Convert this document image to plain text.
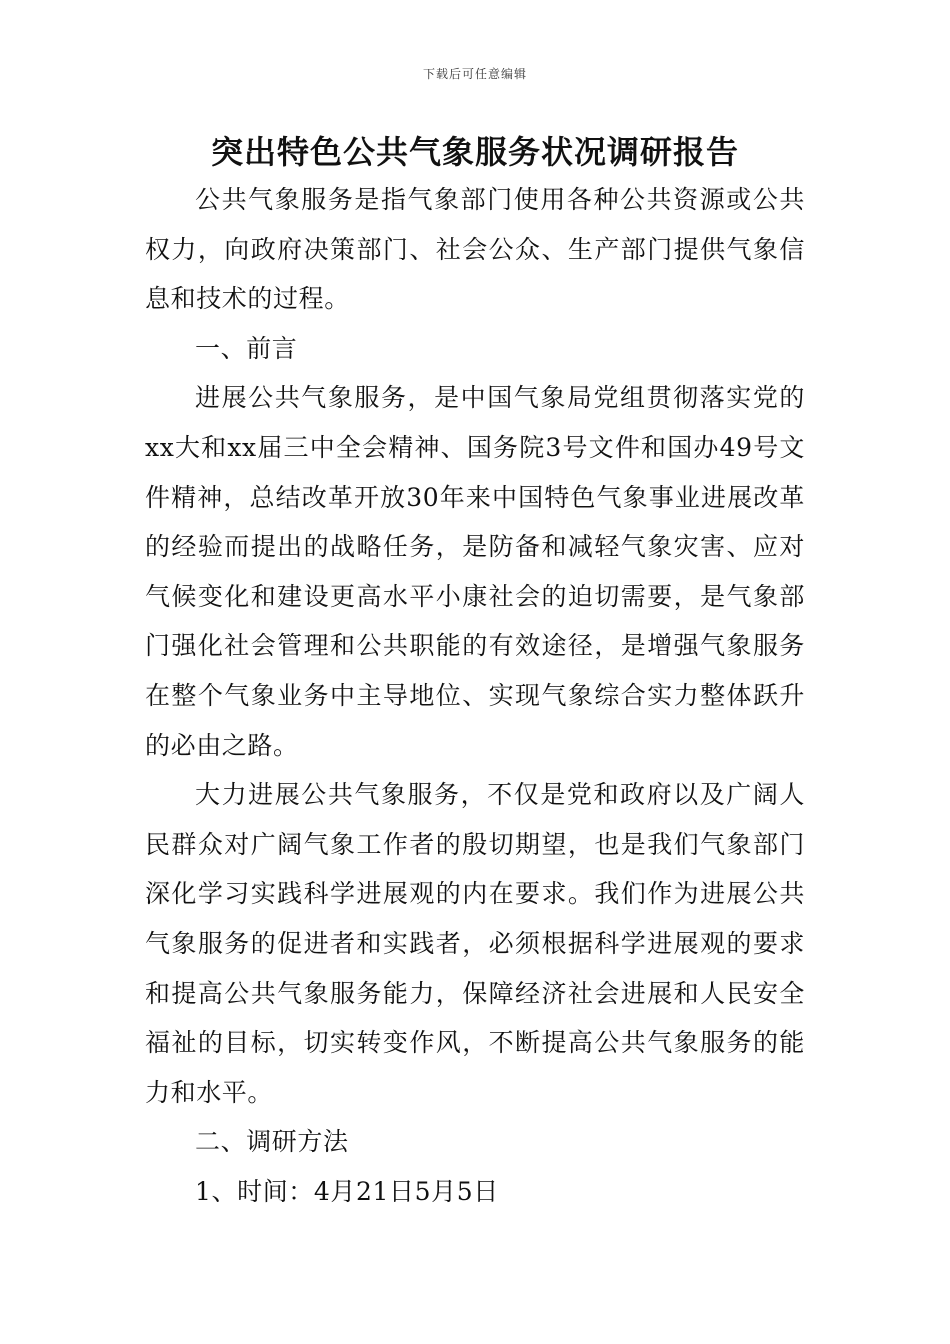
下载后可任意编辑
突出特色公共气象服务状况调研报告

公共气象服务是指气象部门使用各种公共资源或公共权力，向政府决策部门、社会公众、生产部门提供气象信息和技术的过程。

一、前言

进展公共气象服务，是中国气象局党组贯彻落实党的xx大和xx届三中全会精神、国务院3号文件和国办49号文件精神，总结改革开放30年来中国特色气象事业进展改革的经验而提出的战略任务，是防备和减轻气象灾害、应对气候变化和建设更高水平小康社会的迫切需要，是气象部门强化社会管理和公共职能的有效途径，是增强气象服务在整个气象业务中主导地位、实现气象综合实力整体跃升的必由之路。

大力进展公共气象服务，不仅是党和政府以及广阔人民群众对广阔气象工作者的殷切期望，也是我们气象部门深化学习实践科学进展观的内在要求。我们作为进展公共气象服务的促进者和实践者，必须根据科学进展观的要求和提高公共气象服务能力，保障经济社会进展和人民安全福祉的目标，切实转变作风，不断提高公共气象服务的能力和水平。

二、调研方法

1、时间：4月21日5月5日
